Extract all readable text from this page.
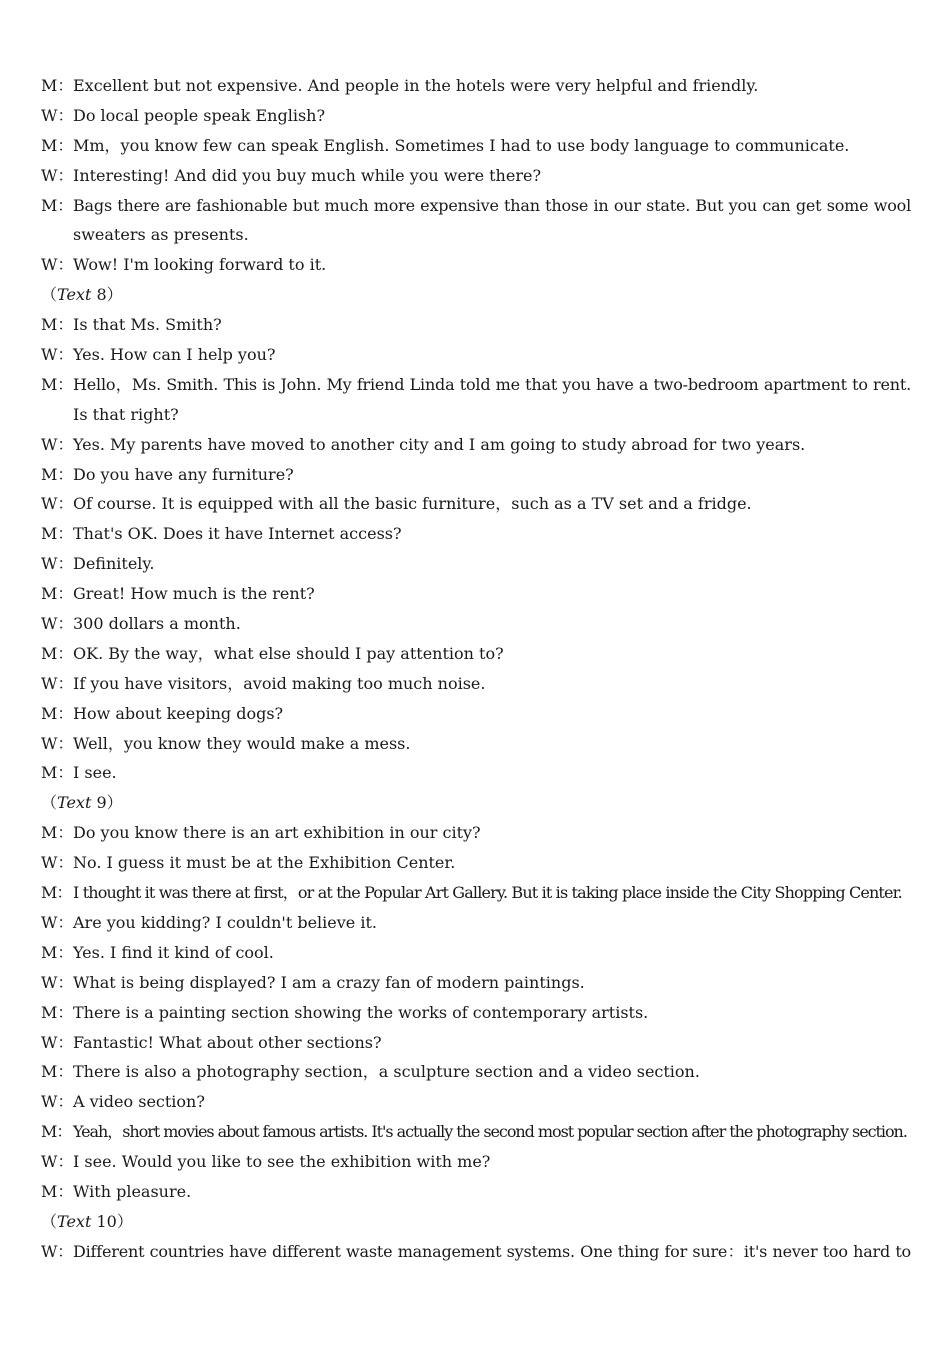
M：Excellent but not expensive. And people in the hotels were very helpful and friendly.
W：Do local people speak English?
M：Mm，you know few can speak English. Sometimes I had to use body language to communicate.
W：Interesting! And did you buy much while you were there?
M：Bags there are fashionable but much more expensive than those in our state. But you can get some wool
sweaters as presents.
W：Wow! I'm looking forward to it.
（Text 8）
M：Is that Ms. Smith?
W：Yes. How can I help you?
M：Hello，Ms. Smith. This is John. My friend Linda told me that you have a two-bedroom apartment to rent.
Is that right?
W：Yes. My parents have moved to another city and I am going to study abroad for two years.
M：Do you have any furniture?
W：Of course. It is equipped with all the basic furniture，such as a TV set and a fridge.
M：That's OK. Does it have Internet access?
W：Definitely.
M：Great! How much is the rent?
W：300 dollars a month.
M：OK. By the way，what else should I pay attention to?
W：If you have visitors，avoid making too much noise.
M：How about keeping dogs?
W：Well，you know they would make a mess.
M：I see.
（Text 9）
M：Do you know there is an art exhibition in our city?
W：No. I guess it must be at the Exhibition Center.
M：I thought it was there at first，or at the Popular Art Gallery. But it is taking place inside the City Shopping Center.
W：Are you kidding? I couldn't believe it.
M：Yes. I find it kind of cool.
W：What is being displayed? I am a crazy fan of modern paintings.
M：There is a painting section showing the works of contemporary artists.
W：Fantastic! What about other sections?
M：There is also a photography section，a sculpture section and a video section.
W：A video section?
M： Yeah，short movies about famous artists. It's actually the second most popular section after the photography section.
W：I see. Would you like to see the exhibition with me?
M：With pleasure.
（Text 10）
W：Different countries have different waste management systems. One thing for sure：it's never too hard to
